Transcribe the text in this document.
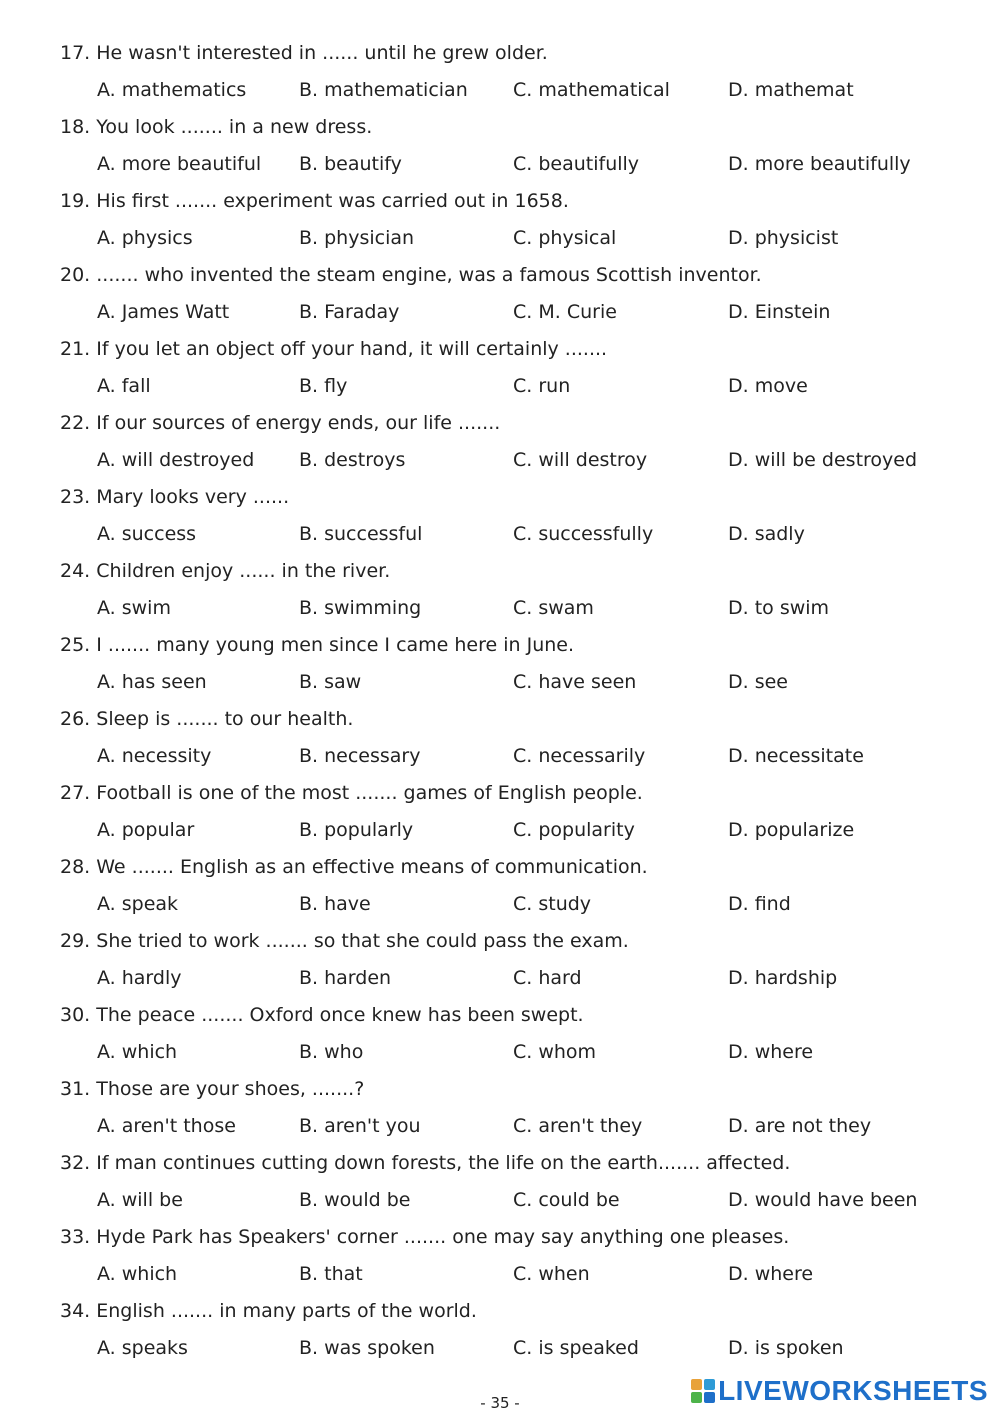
17. He wasn't interested in ...... until he grew older.
A. mathematics	B. mathematician C. mathematical	D. mathemat
18. You look ....... in a new dress.
A. more beautiful B. beautify	C. beautifully	D. more beautifully
19. His first ....... experiment was carried out in 1658.
A. physics	B. physician	C. physical	D. physicist
20. ....... who invented the steam engine, was a famous Scottish inventor.
A. James Watt	B. Faraday	C. M. Curie	D. Einstein
21. If you let an object off your hand, it will certainly .......
A. fall	B. fly	C. run	D. move
22. If our sources of energy ends, our life .......
A. will destroyed B. destroys	C. will destroy	D. will be destroyed
23. Mary looks very ......
A. success	B. successful	C. successfully	D. sadly
24. Children enjoy ...... in the river.
A. swim	B. swimming	C. swam	D. to swim
25. I ....... many young men since I came here in June.
A. has seen	B. saw	C. have seen	D. see
26. Sleep is ....... to our health.
A. necessity	B. necessary	C. necessarily	D. necessitate
27. Football is one of the most ....... games of English people.
A. popular	B. popularly	C. popularity	D. popularize
28. We ....... English as an effective means of communication.
A. speak	B. have	C. study	D. find
29. She tried to work ....... so that she could pass the exam.
A. hardly	B. harden	C. hard	D. hardship
30. The peace ....... Oxford once knew has been swept.
A. which	B. who	C. whom	D. where
31. Those are your shoes, .......?
A. aren't those	B. aren't you	C. aren't they	D. are not they
32. If man continues cutting down forests, the life on the earth....... affected.
A. will be	B. would be	C. could be	D. would have been
33. Hyde Park has Speakers' corner ....... one may say anything one pleases.
A. which	B. that	C. when	D. where
34. English ....... in many parts of the world.
A. speaks	B. was spoken	C. is speaked	D. is spoken
- 35 -	LIVEWORKSHEETS
